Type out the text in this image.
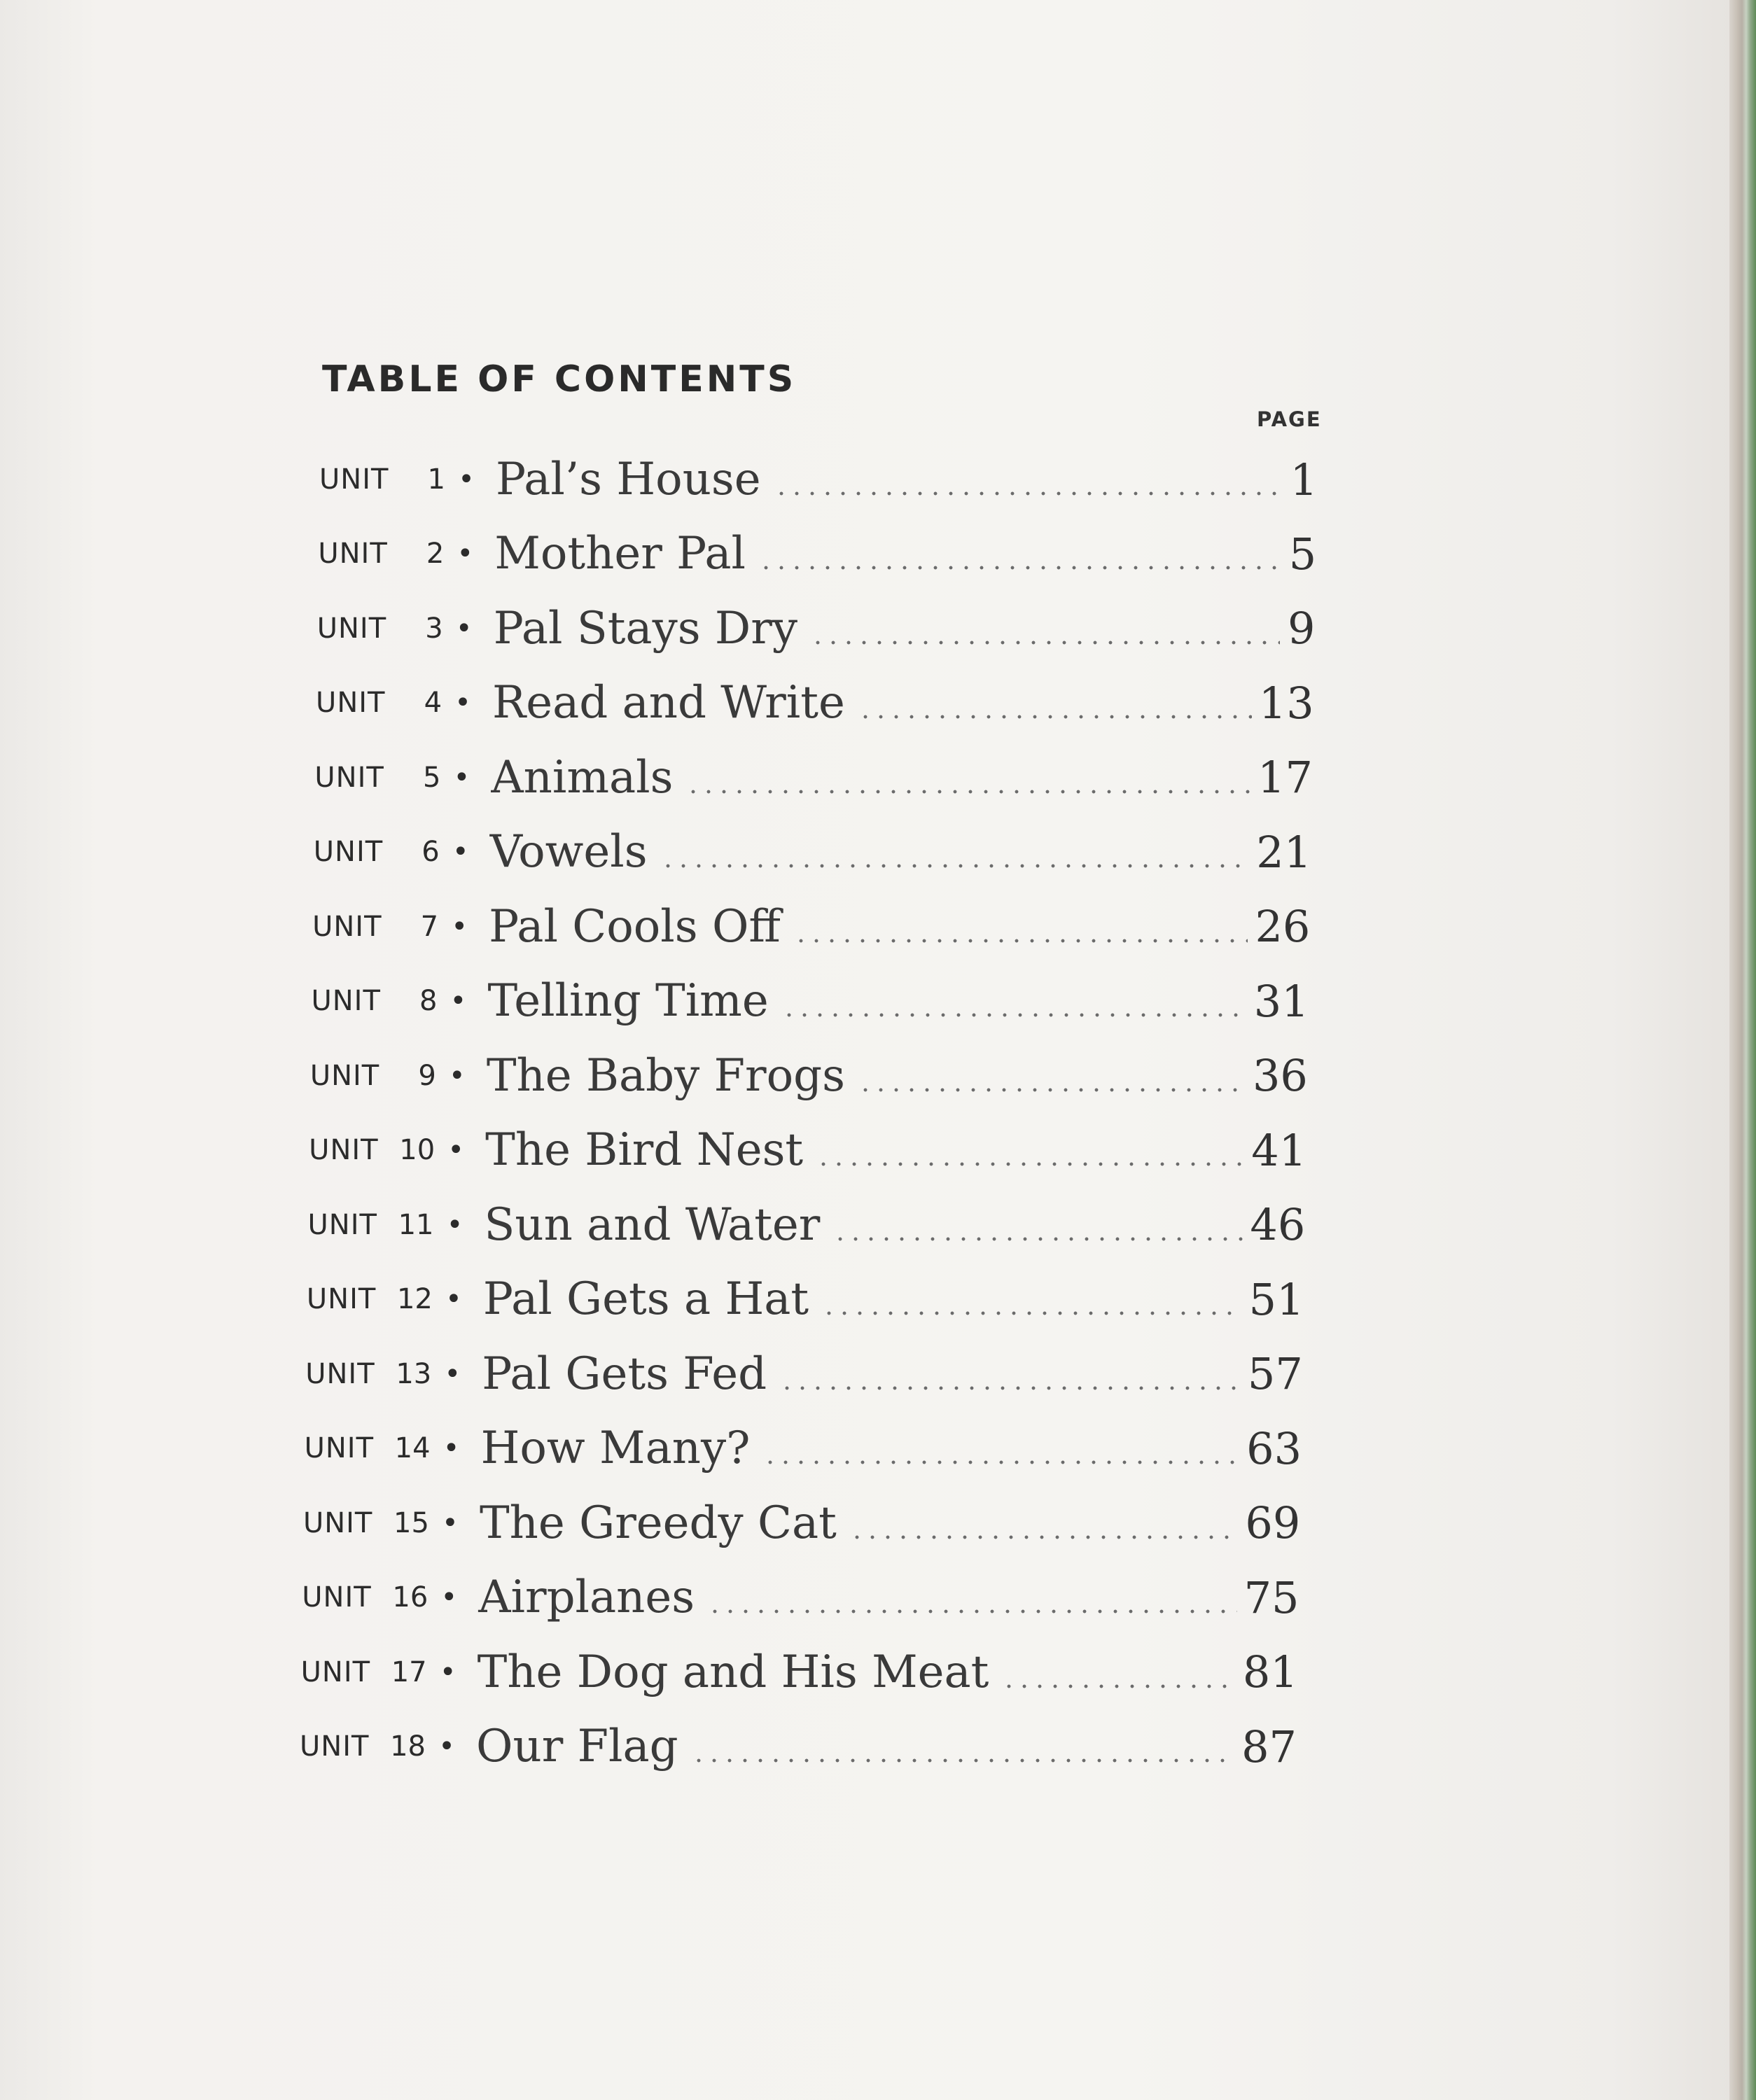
TABLE OF CONTENTS
PAGE
UNIT	1 • Pal’s House	1
UNIT	2 • Mother Pal	5
UNIT	3 • Pal Stays Dry	9
UNIT	4 • Read and Write	13
UNIT	5 • Animals	17
UNIT	6 • Vowels	21
UNIT	7 • Pal Cools Off	26
UNIT	8 • Telling Time	31
UNIT	9 • The Baby Frogs	36
UNIT 10 • The Bird Nest	41
UNIT 11 • Sun and Water	46
UNIT 12 • Pal Gets a Hat	51
UNIT 13 • Pal Gets Fed	57
UNIT 14 • How Many?	63
UNIT 15 • The Greedy Cat	69
UNIT 16 • Airplanes	75
UNIT 17 • The Dog and His Meat	81
UNIT 18 • Our Flag	87
